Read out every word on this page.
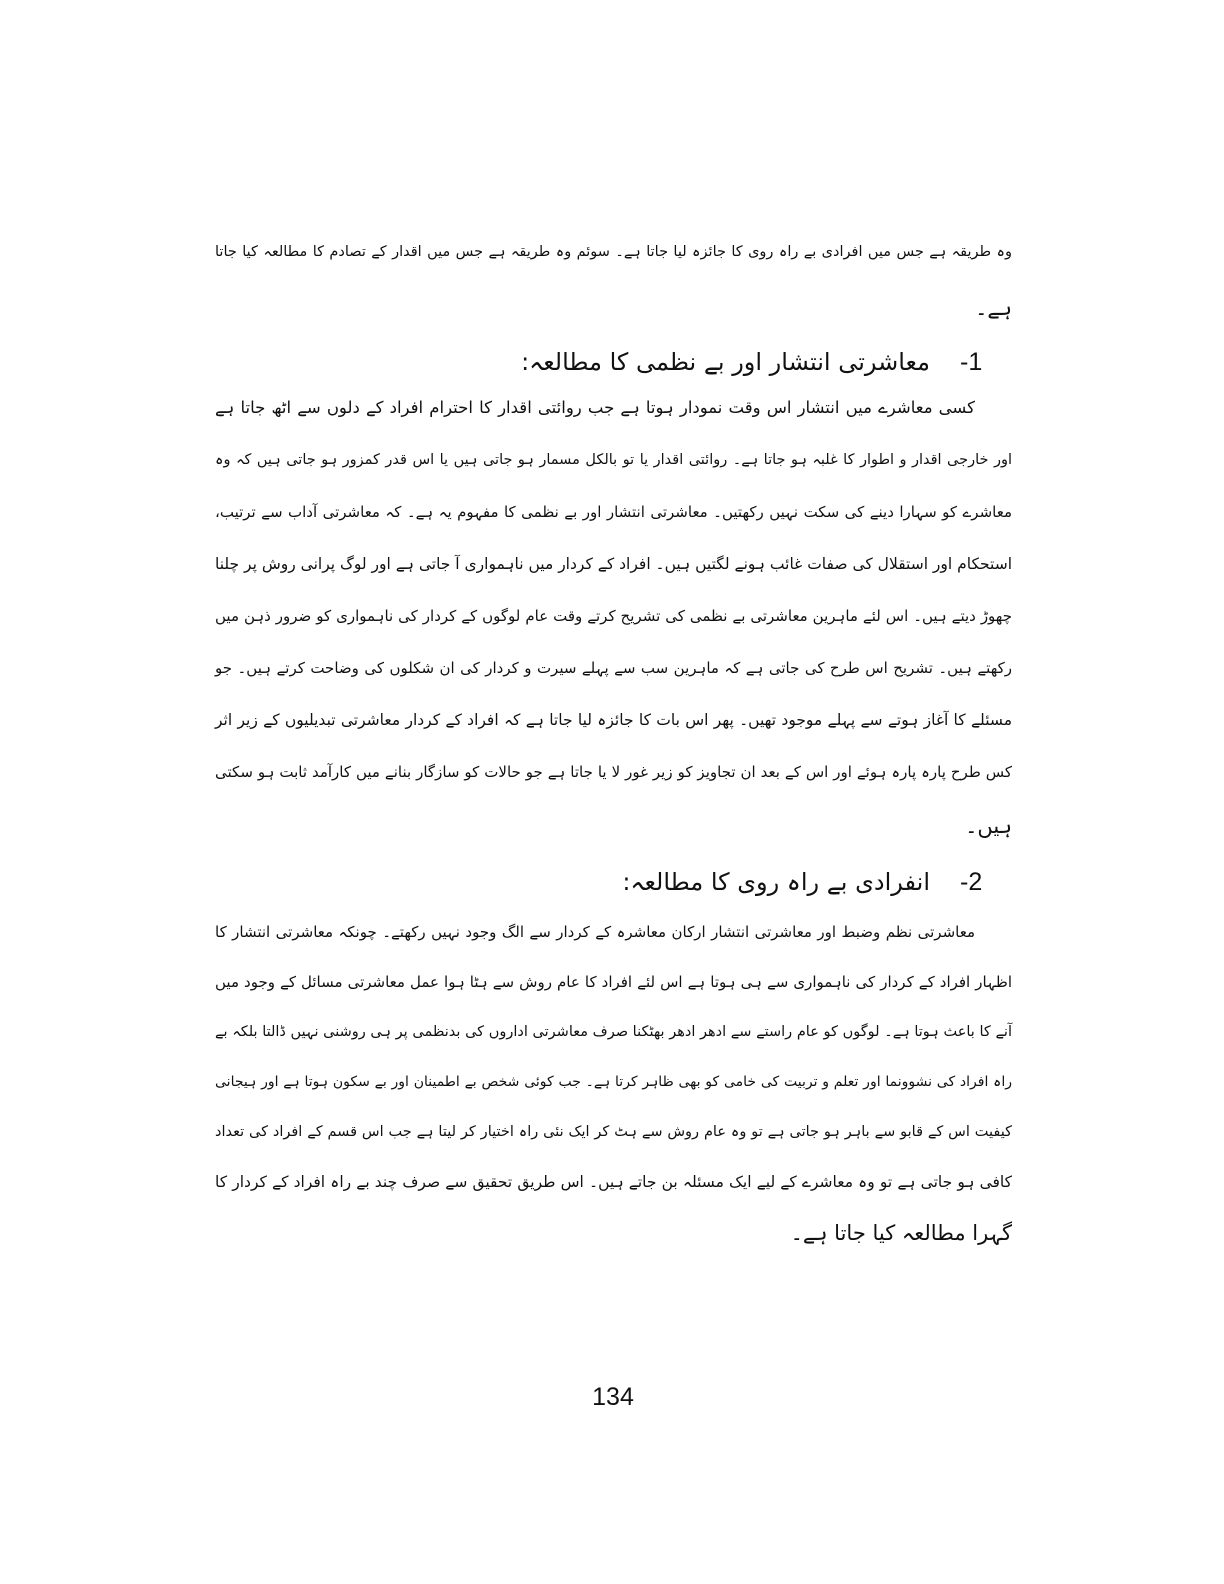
وہ طریقہ ہے جس میں افرادی بے راہ روی کا جائزہ لیا جاتا ہے۔ سوئم وہ طریقہ ہے جس میں اقدار کے تصادم کا مطالعہ کیا جاتا
ہے۔
-1
معاشرتی انتشار اور بے نظمی کا مطالعہ:
کسی معاشرے میں انتشار اس وقت نمودار ہوتا ہے جب روائتی اقدار کا احترام افراد کے دلوں سے اٹھ جاتا ہے
اور خارجی اقدار و اطوار کا غلبہ ہو جاتا ہے۔ روائتی اقدار یا تو بالکل مسمار ہو جاتی ہیں یا اس قدر کمزور ہو جاتی ہیں کہ وہ
معاشرے کو سہارا دینے کی سکت نہیں رکھتیں۔ معاشرتی انتشار اور بے نظمی کا مفہوم یہ ہے۔ کہ معاشرتی آداب سے ترتیب،
استحکام اور استقلال کی صفات غائب ہونے لگتیں ہیں۔ افراد کے کردار میں ناہمواری آ جاتی ہے اور لوگ پرانی روش پر چلنا
چھوڑ دیتے ہیں۔ اس لئے ماہرین معاشرتی بے نظمی کی تشریح کرتے وقت عام لوگوں کے کردار کی ناہمواری کو ضرور ذہن میں
رکھتے ہیں۔ تشریح اس طرح کی جاتی ہے کہ ماہرین سب سے پہلے سیرت و کردار کی ان شکلوں کی وضاحت کرتے ہیں۔ جو
مسئلے کا آغاز ہوتے سے پہلے موجود تھیں۔ پھر اس بات کا جائزہ لیا جاتا ہے کہ افراد کے کردار معاشرتی تبدیلیوں کے زیر اثر
کس طرح پارہ پارہ ہوئے اور اس کے بعد ان تجاویز کو زیر غور لا یا جاتا ہے جو حالات کو سازگار بنانے میں کارآمد ثابت ہو سکتی
ہیں۔
-2
انفرادی بے راہ روی کا مطالعہ:
معاشرتی نظم وضبط اور معاشرتی انتشار ارکان معاشرہ کے کردار سے الگ وجود نہیں رکھتے۔ چونکہ معاشرتی انتشار کا
اظہار افراد کے کردار کی ناہمواری سے ہی ہوتا ہے اس لئے افراد کا عام روش سے ہٹا ہوا عمل معاشرتی مسائل کے وجود میں
آنے کا باعث ہوتا ہے۔ لوگوں کو عام راستے سے ادھر ادھر بھٹکنا صرف معاشرتی اداروں کی بدنظمی پر ہی روشنی نہیں ڈالتا بلکہ بے
راہ افراد کی نشوونما اور تعلم و تربیت کی خامی کو بھی ظاہر کرتا ہے۔ جب کوئی شخص بے اطمینان اور بے سکون ہوتا ہے اور ہیجانی
کیفیت اس کے قابو سے باہر ہو جاتی ہے تو وہ عام روش سے ہٹ کر ایک نئی راہ اختیار کر لیتا ہے جب اس قسم کے افراد کی تعداد
کافی ہو جاتی ہے تو وہ معاشرے کے لیے ایک مسئلہ بن جاتے ہیں۔ اس طریق تحقیق سے صرف چند بے راہ افراد کے کردار کا
گہرا مطالعہ کیا جاتا ہے۔
134
